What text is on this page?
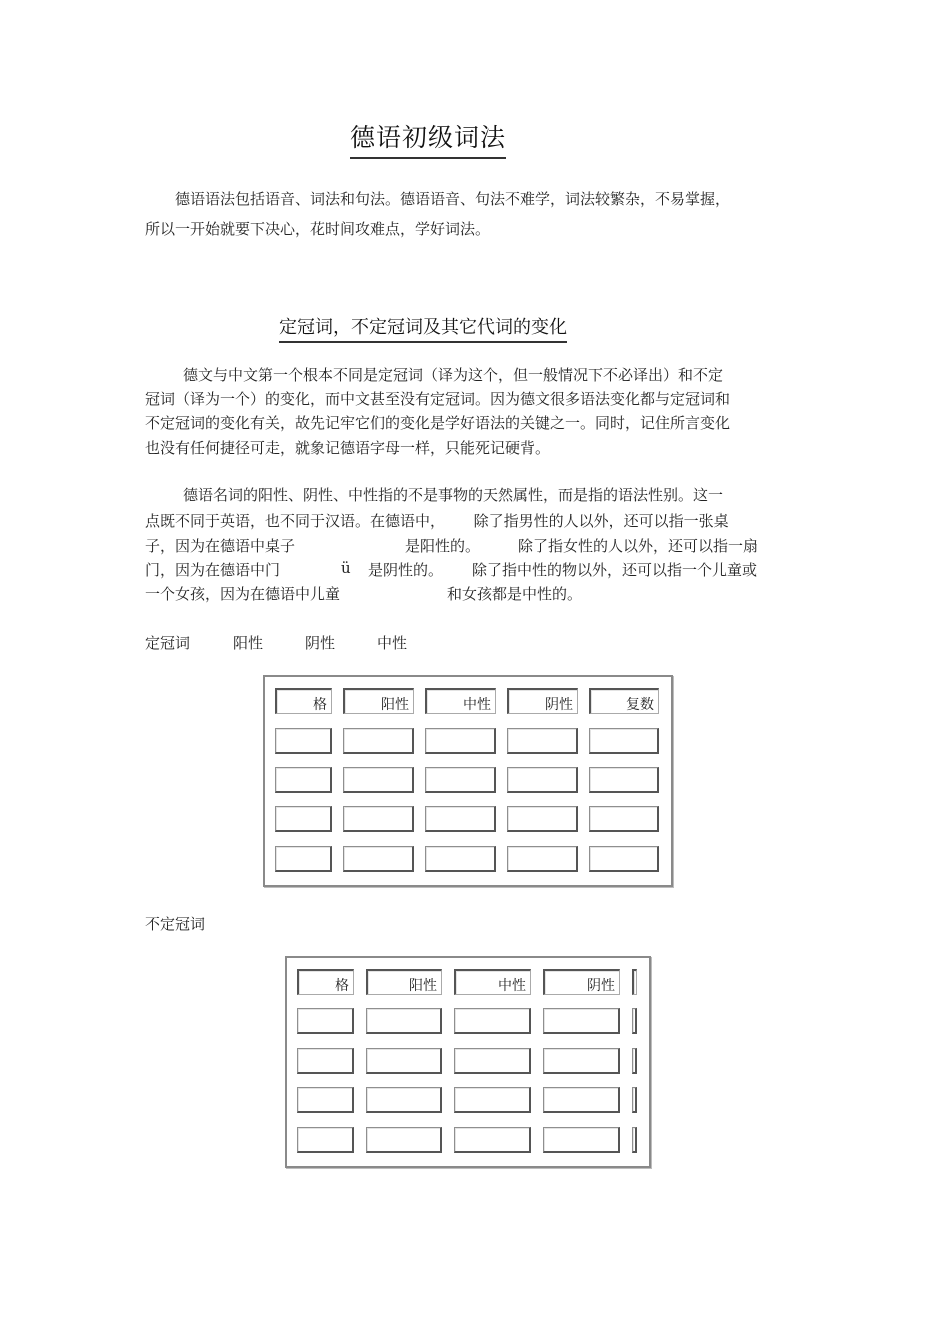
德语初级词法
德语语法包括语音、词法和句法。德语语音、句法不难学，词法较繁杂，不易掌握，
所以一开始就要下决心，花时间攻难点，学好词法。
定冠词，不定冠词及其它代词的变化
德文与中文第一个根本不同是定冠词（译为这个，但一般情况下不必译出）和不定
冠词（译为一个）的变化，而中文甚至没有定冠词。因为德文很多语法变化都与定冠词和
不定冠词的变化有关，故先记牢它们的变化是学好语法的关键之一。同时，记住所言变化
也没有任何捷径可走，就象记德语字母一样，只能死记硬背。
德语名词的阳性、阴性、中性指的不是事物的天然属性，而是指的语法性别。这一
点既不同于英语，也不同于汉语。在德语中，      除了指男性的人以外，还可以指一张桌
子，因为在德语中桌子	是阳性的。	除了指女性的人以外，还可以指一扇
门，因为在德语中门	ü 是阴性的。 除了指中性的物以外，还可以指一个儿童或
一个女孩，因为在德语中儿童	和女孩都是中性的。
定冠词	阳性	阴性	中性
格	阳性	中性	阴性	复数
不定冠词
格	阳性	中性	阴性
